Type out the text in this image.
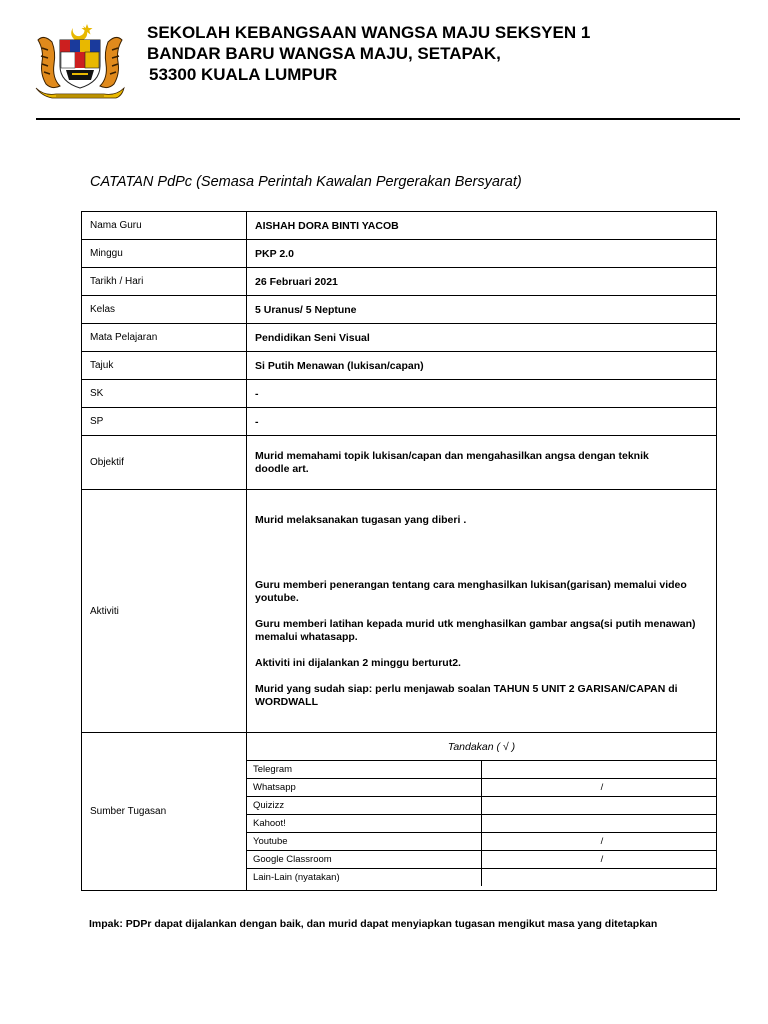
SEKOLAH KEBANGSAAN WANGSA MAJU SEKSYEN 1
BANDAR BARU WANGSA MAJU, SETAPAK,
53300 KUALA LUMPUR
CATATAN PdPc (Semasa Perintah Kawalan Pergerakan Bersyarat)
Nama Guru	AISHAH DORA BINTI YACOB
Minggu	PKP 2.0
Tarikh / Hari	26 Februari 2021
Kelas	5 Uranus/ 5 Neptune
Mata Pelajaran	Pendidikan Seni Visual
Tajuk	Si Putih Menawan (lukisan/capan)
SK	-
SP	-
Objektif	Murid memahami topik lukisan/capan dan mengahasilkan angsa dengan teknik doodle art.
Aktiviti	

Murid melaksanakan tugasan yang diberi .

Guru memberi penerangan tentang cara menghasilkan lukisan(garisan) memalui video youtube.

Guru memberi latihan kepada murid utk menghasilkan gambar angsa(si putih menawan) memalui whatasapp.

Aktiviti ini dijalankan 2 minggu berturut2.

Murid yang sudah siap: perlu menjawab soalan TAHUN 5 UNIT 2 GARISAN/CAPAN di WORDWALL

Sumber Tugasan	
Tandakan ( √ )
Telegram	
Whatsapp	/
Quizizz	
Kahoot!	
Youtube	/
Google Classroom	/
Lain-Lain (nyatakan)	
Impak: PDPr dapat dijalankan dengan baik, dan murid dapat menyiapkan tugasan mengikut masa yang ditetapkan
